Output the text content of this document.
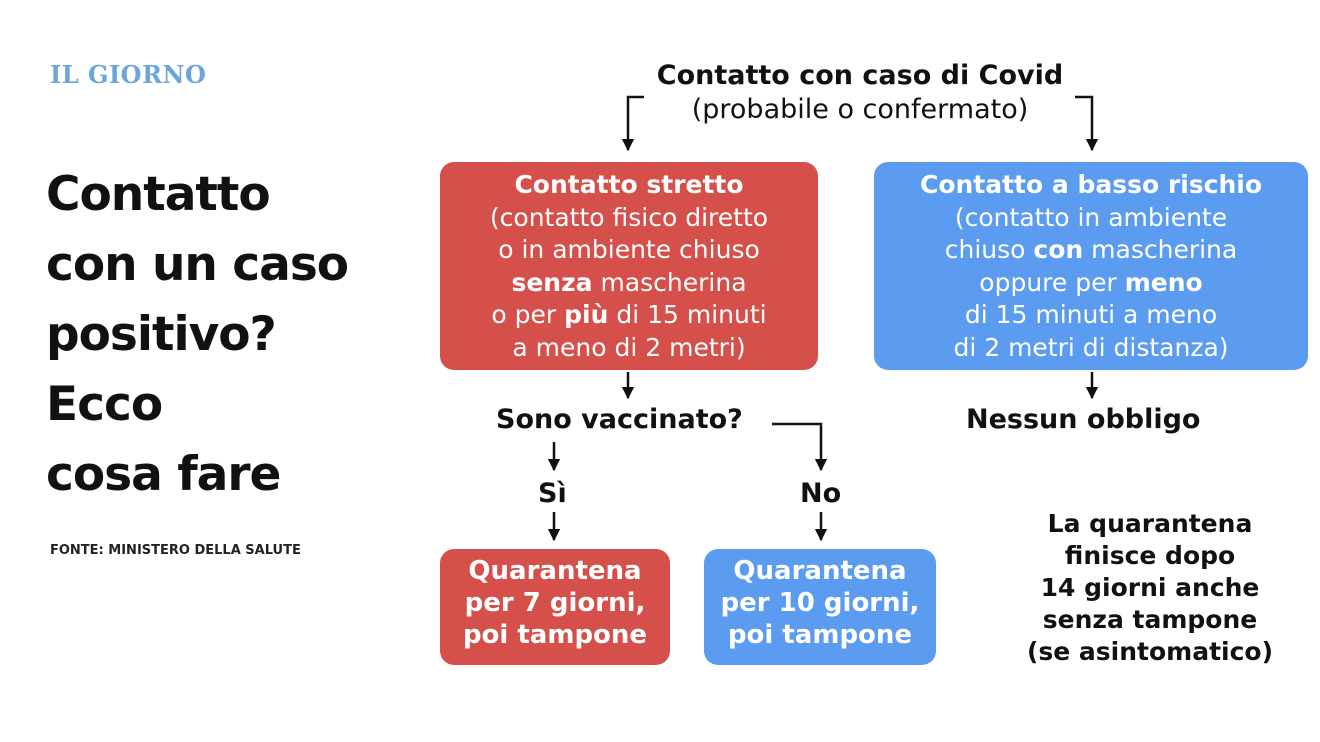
IL GIORNO
Contatto
con un caso
positivo?
Ecco
cosa fare
FONTE: MINISTERO DELLA SALUTE
Contatto con caso di Covid
(probabile o confermato)
Contatto stretto
(contatto fisico diretto
o in ambiente chiuso
senza mascherina
o per più di 15 minuti
a meno di 2 metri)
Contatto a basso rischio
(contatto in ambiente
chiuso con mascherina
oppure per meno
di 15 minuti a meno
di 2 metri di distanza)
Sono vaccinato?	Nessun obbligo
Sì	No
Quarantena
per 7 giorni,
poi tampone
Quarantena
per 10 giorni,
poi tampone
La quarantena
finisce dopo
14 giorni anche
senza tampone
(se asintomatico)
